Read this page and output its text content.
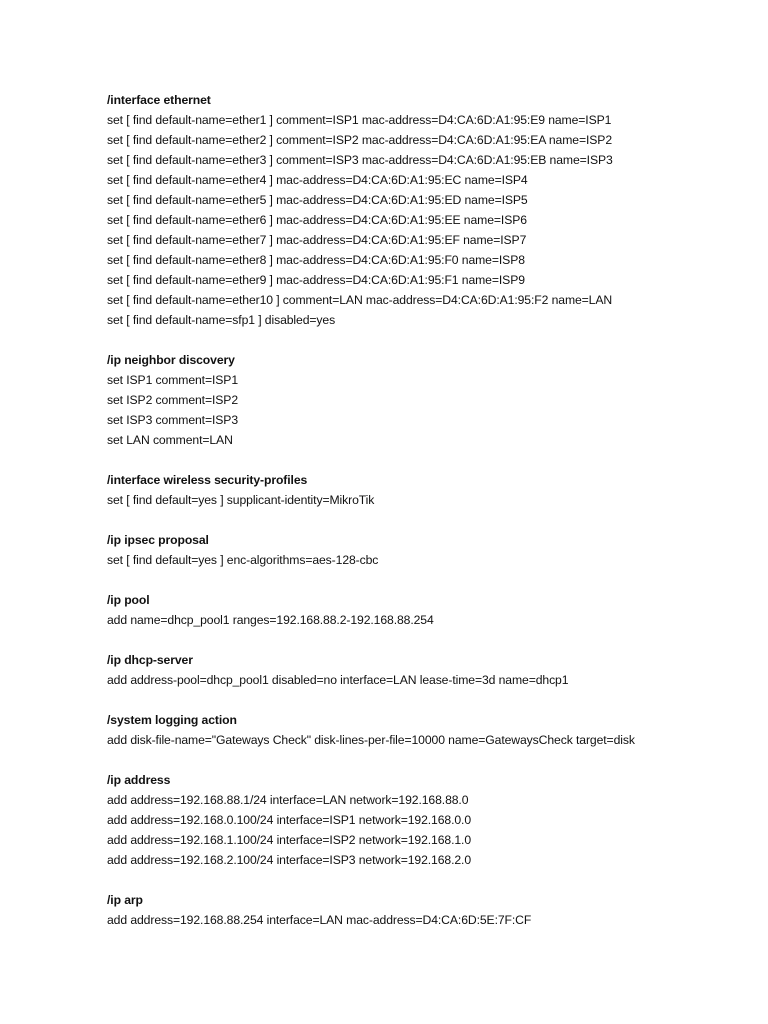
/interface ethernet
set [ find default-name=ether1 ] comment=ISP1 mac-address=D4:CA:6D:A1:95:E9 name=ISP1
set [ find default-name=ether2 ] comment=ISP2 mac-address=D4:CA:6D:A1:95:EA name=ISP2
set [ find default-name=ether3 ] comment=ISP3 mac-address=D4:CA:6D:A1:95:EB name=ISP3
set [ find default-name=ether4 ] mac-address=D4:CA:6D:A1:95:EC name=ISP4
set [ find default-name=ether5 ] mac-address=D4:CA:6D:A1:95:ED name=ISP5
set [ find default-name=ether6 ] mac-address=D4:CA:6D:A1:95:EE name=ISP6
set [ find default-name=ether7 ] mac-address=D4:CA:6D:A1:95:EF name=ISP7
set [ find default-name=ether8 ] mac-address=D4:CA:6D:A1:95:F0 name=ISP8
set [ find default-name=ether9 ] mac-address=D4:CA:6D:A1:95:F1 name=ISP9
set [ find default-name=ether10 ] comment=LAN mac-address=D4:CA:6D:A1:95:F2 name=LAN
set [ find default-name=sfp1 ] disabled=yes
/ip neighbor discovery
set ISP1 comment=ISP1
set ISP2 comment=ISP2
set ISP3 comment=ISP3
set LAN comment=LAN
/interface wireless security-profiles
set [ find default=yes ] supplicant-identity=MikroTik
/ip ipsec proposal
set [ find default=yes ] enc-algorithms=aes-128-cbc
/ip pool
add name=dhcp_pool1 ranges=192.168.88.2-192.168.88.254
/ip dhcp-server
add address-pool=dhcp_pool1 disabled=no interface=LAN lease-time=3d name=dhcp1
/system logging action
add disk-file-name="Gateways Check" disk-lines-per-file=10000 name=GatewaysCheck target=disk
/ip address
add address=192.168.88.1/24 interface=LAN network=192.168.88.0
add address=192.168.0.100/24 interface=ISP1 network=192.168.0.0
add address=192.168.1.100/24 interface=ISP2 network=192.168.1.0
add address=192.168.2.100/24 interface=ISP3 network=192.168.2.0
/ip arp
add address=192.168.88.254 interface=LAN mac-address=D4:CA:6D:5E:7F:CF
